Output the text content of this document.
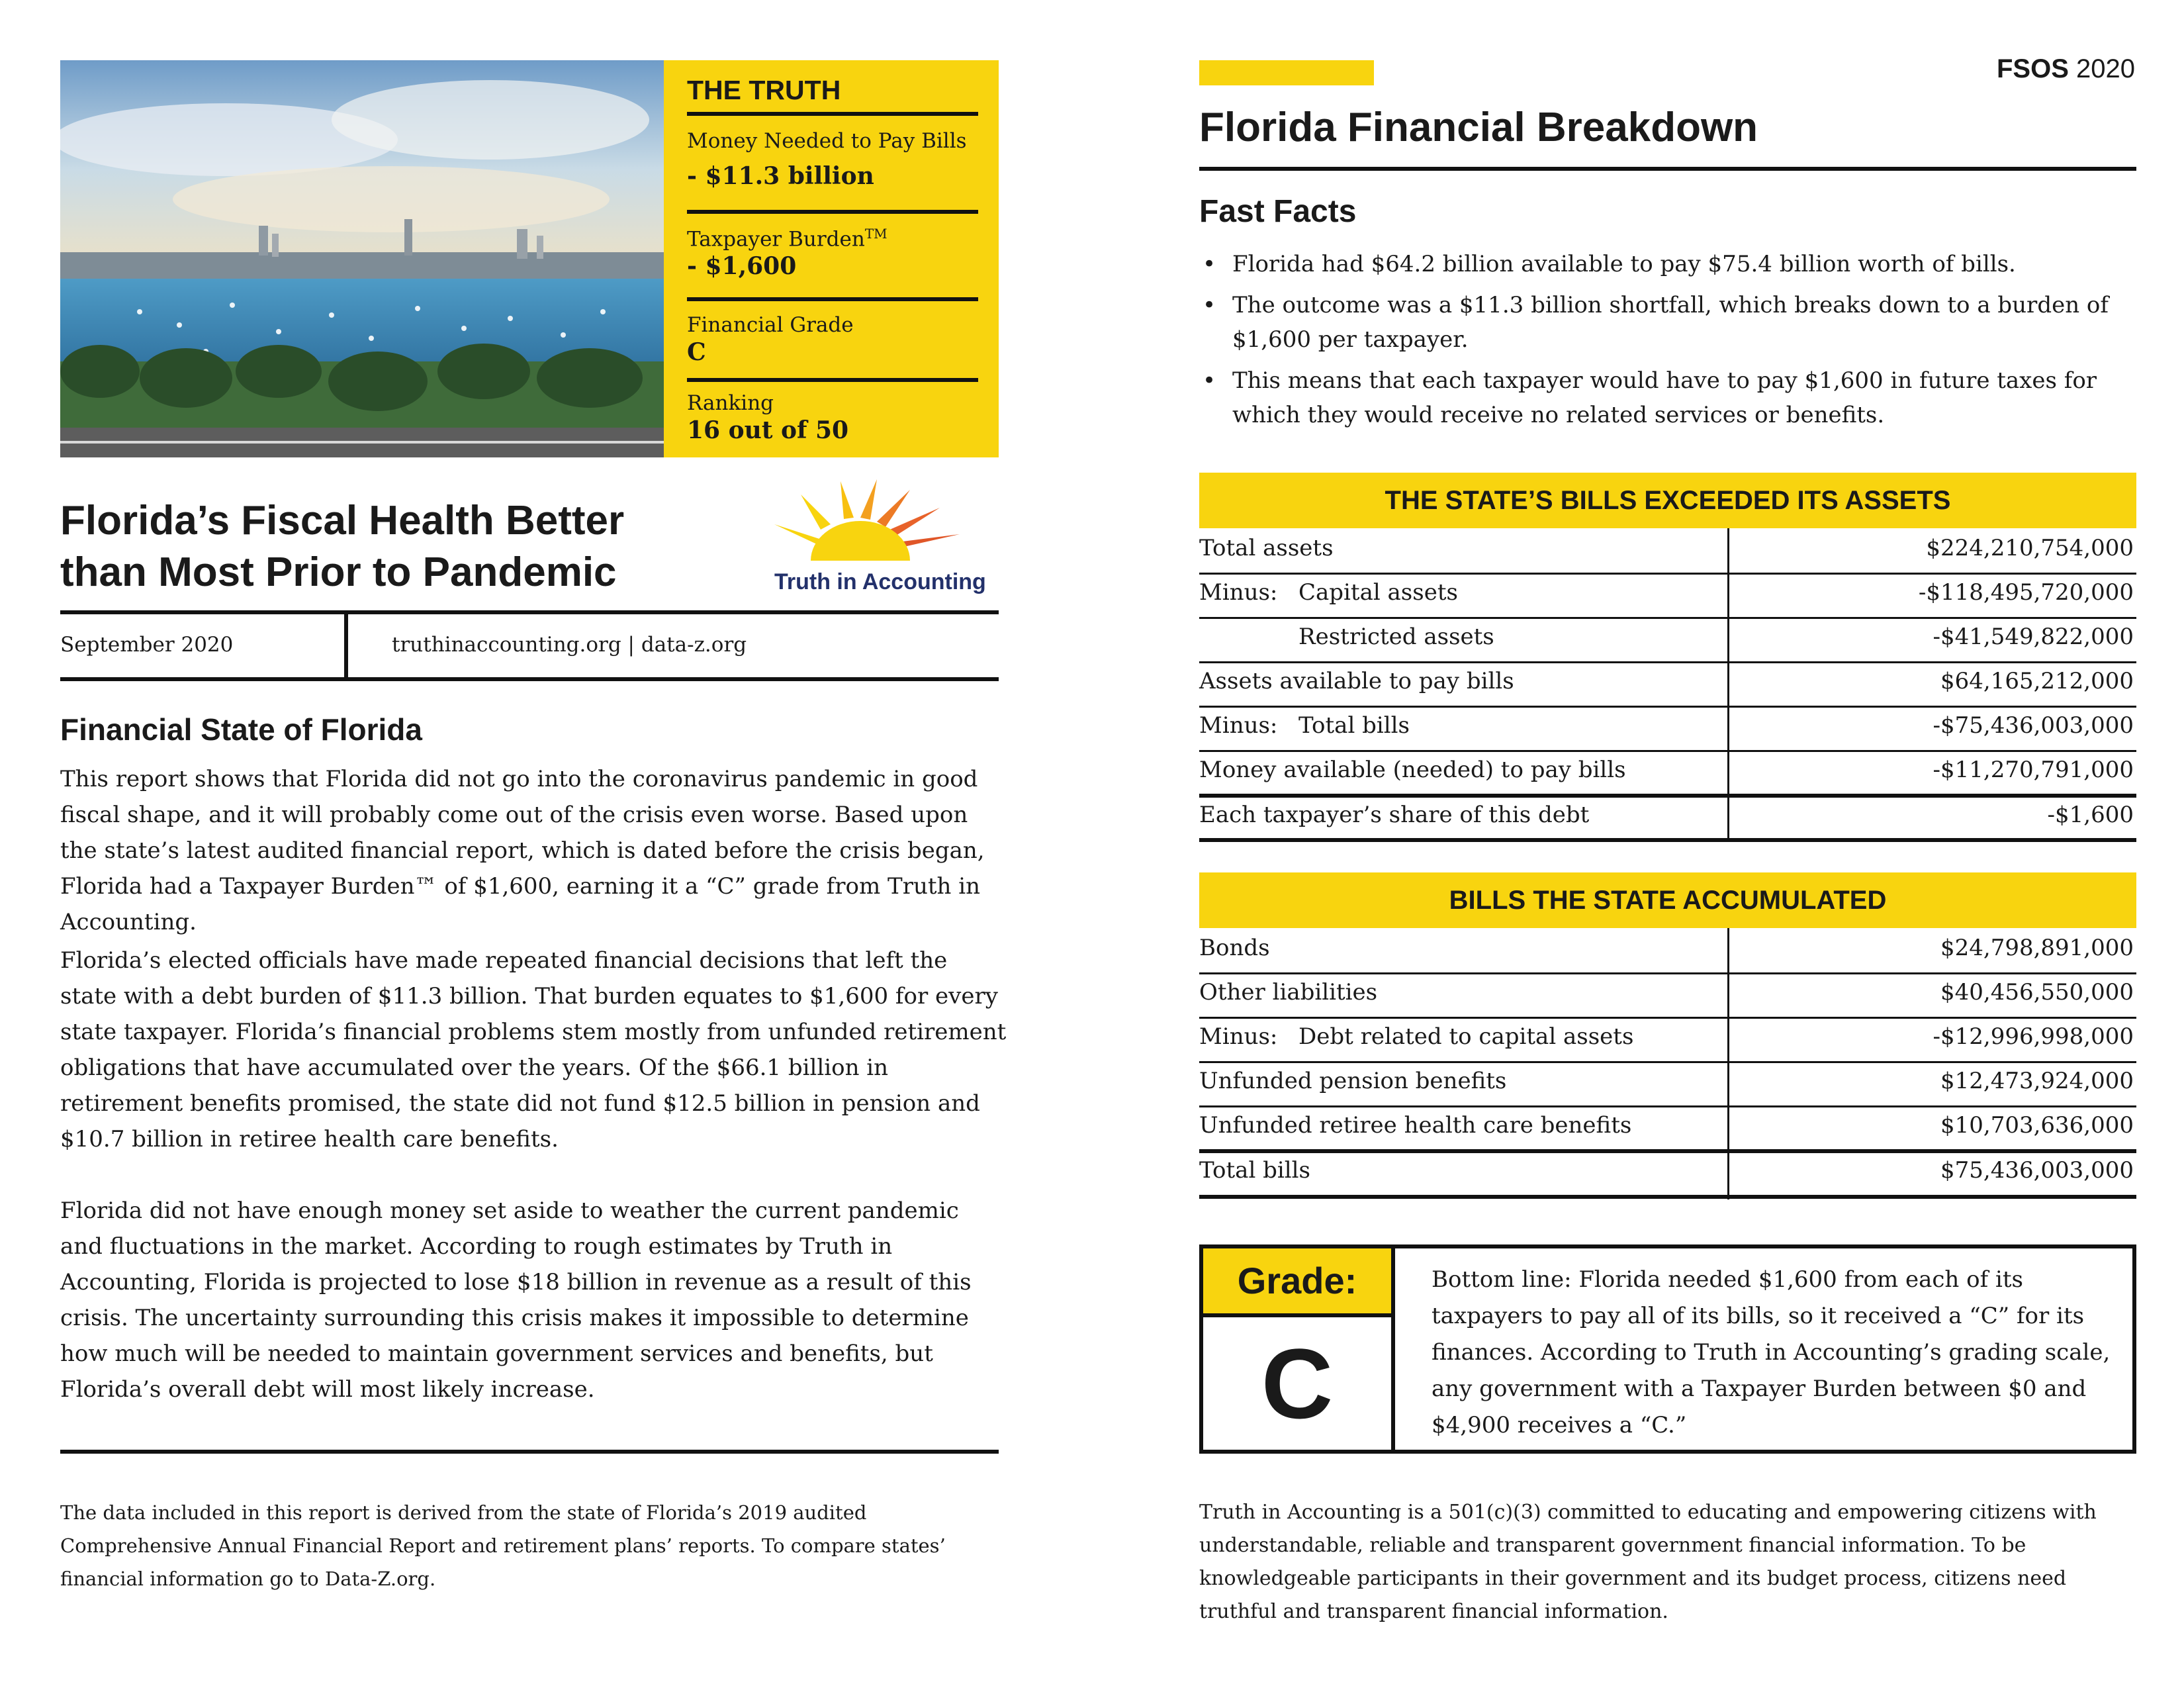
THE TRUTH
Money Needed to Pay Bills
- $11.3 billion
Taxpayer Burden™
- $1,600
Financial Grade
C
Ranking
16 out of 50
Florida’s Fiscal Health Better
than Most Prior to Pandemic	Truth in Accounting
September 2020	truthinaccounting.org | data-z.org
Financial State of Florida

This report shows that Florida did not go into the coronavirus pandemic in good fiscal shape, and it will probably come out of the crisis even worse. Based upon the state’s latest audited financial report, which is dated before the crisis began, Florida had a Taxpayer Burden™ of $1,600, earning it a “C” grade from Truth in Accounting.

Florida’s elected officials have made repeated financial decisions that left the state with a debt burden of $11.3 billion. That burden equates to $1,600 for every state taxpayer. Florida’s financial problems stem mostly from unfunded retirement obligations that have accumulated over the years. Of the $66.1 billion in retirement benefits promised, the state did not fund $12.5 billion in pension and $10.7 billion in retiree health care benefits.

Florida did not have enough money set aside to weather the current pandemic and fluctuations in the market. According to rough estimates by Truth in Accounting, Florida is projected to lose $18 billion in revenue as a result of this crisis. The uncertainty surrounding this crisis makes it impossible to determine how much will be needed to maintain government services and benefits, but Florida’s overall debt will most likely increase.

The data included in this report is derived from the state of Florida’s 2019 audited Comprehensive Annual Financial Report and retirement plans’ reports. To compare states’ financial information go to Data-Z.org.

FSOS 2020
Florida Financial Breakdown
Fast Facts
• Florida had $64.2 billion available to pay $75.4 billion worth of bills.
• The outcome was a $11.3 billion shortfall, which breaks down to a burden of $1,600 per taxpayer.
• This means that each taxpayer would have to pay $1,600 in future taxes for which they would receive no related services or benefits.
THE STATE’S BILLS EXCEEDED ITS ASSETS
Total assets	$224,210,754,000
Minus: Capital assets	-$118,495,720,000
Restricted assets	-$41,549,822,000
Assets available to pay bills	$64,165,212,000
Minus: Total bills	-$75,436,003,000
Money available (needed) to pay bills	-$11,270,791,000
Each taxpayer’s share of this debt	-$1,600
BILLS THE STATE ACCUMULATED
Bonds	$24,798,891,000
Other liabilities	$40,456,550,000
Minus: Debt related to capital assets	-$12,996,998,000
Unfunded pension benefits	$12,473,924,000
Unfunded retiree health care benefits	$10,703,636,000
Total bills	$75,436,003,000
Grade:
C

Bottom line: Florida needed $1,600 from each of its taxpayers to pay all of its bills, so it received a “C” for its finances. According to Truth in Accounting’s grading scale, any government with a Taxpayer Burden between $0 and $4,900 receives a “C.”

Truth in Accounting is a 501(c)(3) committed to educating and empowering citizens with understandable, reliable and transparent government financial information. To be knowledgeable participants in their government and its budget process, citizens need truthful and transparent financial information.
